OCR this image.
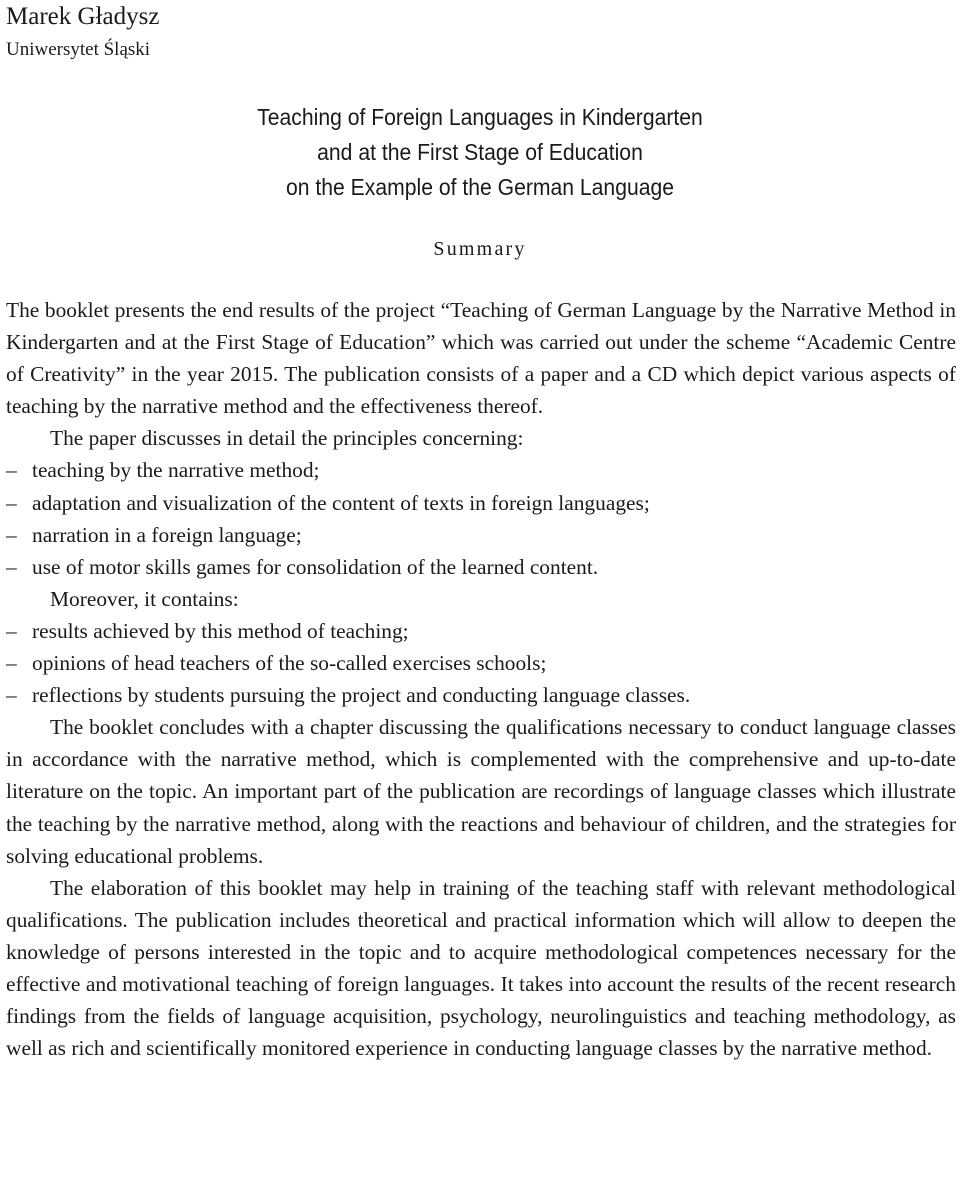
Marek Gładysz
Uniwersytet Śląski
Teaching of Foreign Languages in Kindergarten
and at the First Stage of Education
on the Example of the German Language
Summary

The booklet presents the end results of the project “Teaching of German Language by the Narrative Method in Kindergarten and at the First Stage of Education” which was carried out under the scheme “Academic Centre of Creativity” in the year 2015. The publication consists of a paper and a CD which depict various aspects of teaching by the narrative method and the effectiveness thereof.

The paper discusses in detail the principles concerning:

– teaching by the narrative method;
– adaptation and visualization of the content of texts in foreign languages;
– narration in a foreign language;
– use of motor skills games for consolidation of the learned content.

Moreover, it contains:

– results achieved by this method of teaching;
– opinions of head teachers of the so-called exercises schools;
– reflections by students pursuing the project and conducting language classes.

The booklet concludes with a chapter discussing the qualifications necessary to conduct language classes in accordance with the narrative method, which is complemented with the comprehensive and up-to-date literature on the topic. An important part of the publication are recordings of language classes which illustrate the teaching by the narrative method, along with the reactions and behaviour of children, and the strategies for solving educational problems.

The elaboration of this booklet may help in training of the teaching staff with relevant methodological qualifications. The publication includes theoretical and practical information which will allow to deepen the knowledge of persons interested in the topic and to acquire methodological competences necessary for the effective and motivational teaching of foreign languages. It takes into account the results of the recent research findings from the fields of language acquisition, psychology, neurolinguistics and teaching methodology, as well as rich and scientifically monitored experience in conducting language classes by the narrative method.
